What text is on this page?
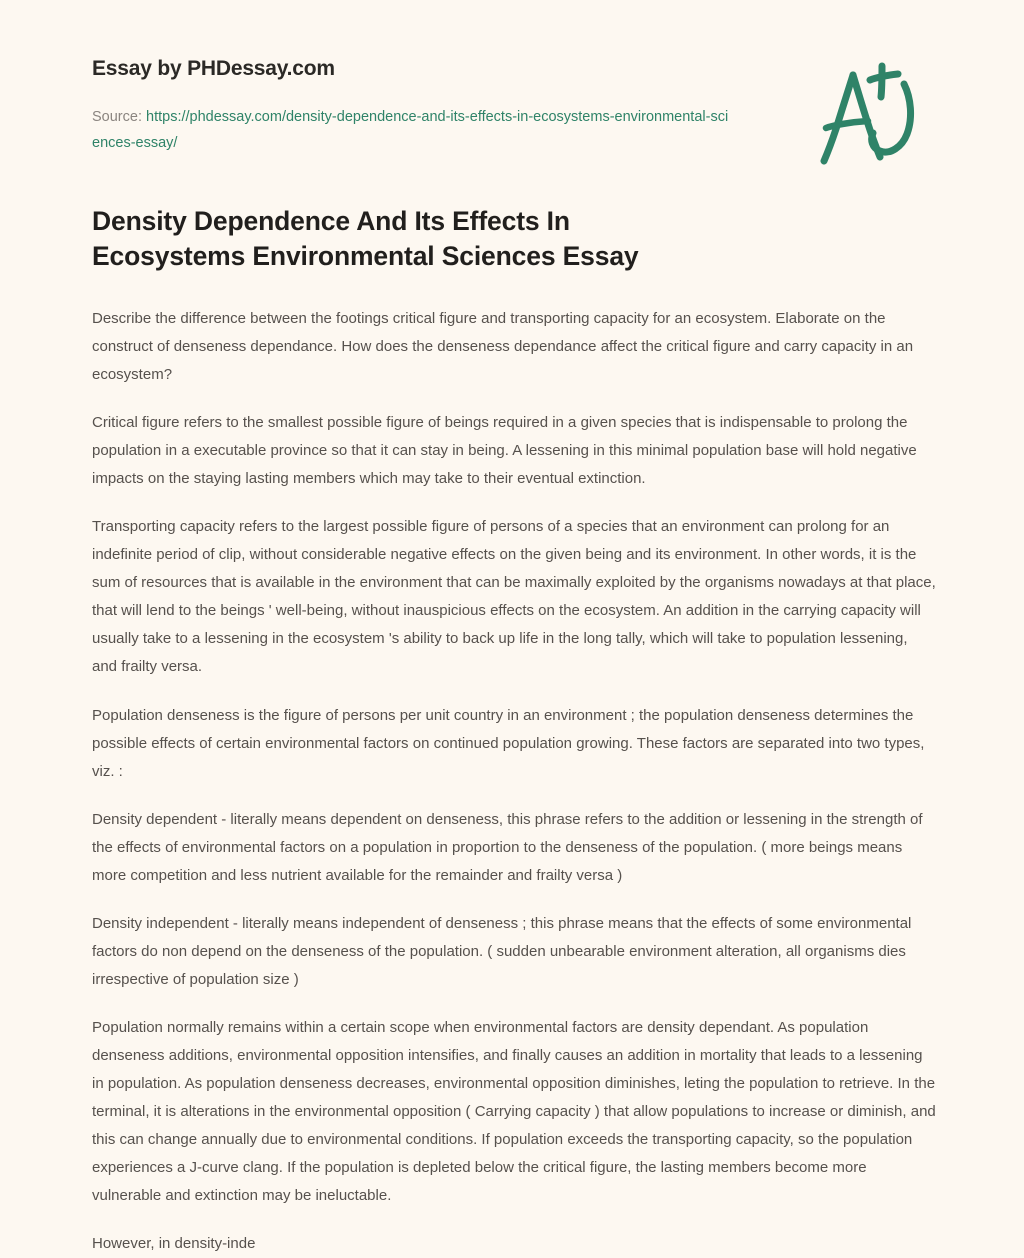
Essay by PHDessay.com
Source: https://phdessay.com/density-dependence-and-its-effects-in-ecosystems-environmental-sciences-essay/
Density Dependence And Its Effects In Ecosystems Environmental Sciences Essay

Describe the difference between the footings critical figure and transporting capacity for an ecosystem. Elaborate on the construct of denseness dependance. How does the denseness dependance affect the critical figure and carry capacity in an ecosystem?

Critical figure refers to the smallest possible figure of beings required in a given species that is indispensable to prolong the population in a executable province so that it can stay in being. A lessening in this minimal population base will hold negative impacts on the staying lasting members which may take to their eventual extinction.

Transporting capacity refers to the largest possible figure of persons of a species that an environment can prolong for an indefinite period of clip, without considerable negative effects on the given being and its environment. In other words, it is the sum of resources that is available in the environment that can be maximally exploited by the organisms nowadays at that place, that will lend to the beings ' well-being, without inauspicious effects on the ecosystem. An addition in the carrying capacity will usually take to a lessening in the ecosystem 's ability to back up life in the long tally, which will take to population lessening, and frailty versa.

Population denseness is the figure of persons per unit country in an environment ; the population denseness determines the possible effects of certain environmental factors on continued population growing. These factors are separated into two types, viz. :

Density dependent - literally means dependent on denseness, this phrase refers to the addition or lessening in the strength of the effects of environmental factors on a population in proportion to the denseness of the population. ( more beings means more competition and less nutrient available for the remainder and frailty versa )

Density independent - literally means independent of denseness ; this phrase means that the effects of some environmental factors do non depend on the denseness of the population. ( sudden unbearable environment alteration, all organisms dies irrespective of population size )

Population normally remains within a certain scope when environmental factors are density dependant. As population denseness additions, environmental opposition intensifies, and finally causes an addition in mortality that leads to a lessening in population. As population denseness decreases, environmental opposition diminishes, leting the population to retrieve. In the terminal, it is alterations in the environmental opposition ( Carrying capacity ) that allow populations to increase or diminish, and this can change annually due to environmental conditions. If population exceeds the transporting capacity, so the population experiences a J-curve clang. If the population is depleted below the critical figure, the lasting members become more vulnerable and extinction may be ineluctable.

However, in density-inde
